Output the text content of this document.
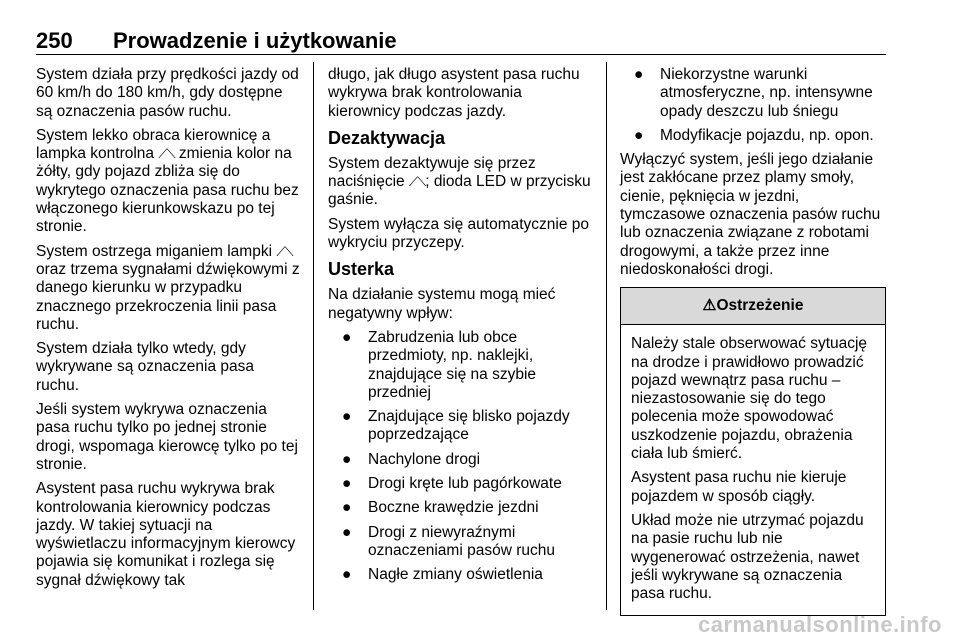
250 Prowadzenie i użytkowanie

System działa przy prędkości jazdy od 60 km/h do 180 km/h, gdy dostępne są oznaczenia pasów ruchu.

System lekko obraca kierownicę a lampka kontrolna ⟋⟍ zmienia kolor na żółty, gdy pojazd zbliża się do wykrytego oznaczenia pasa ruchu bez włączonego kierunkowskazu po tej stronie.

System ostrzega miganiem lampki ⟋⟍ oraz trzema sygnałami dźwiękowymi z danego kierunku w przypadku znacznego przekroczenia linii pasa ruchu.

System działa tylko wtedy, gdy wykrywane są oznaczenia pasa ruchu.

Jeśli system wykrywa oznaczenia pasa ruchu tylko po jednej stronie drogi, wspomaga kierowcę tylko po tej stronie.

Asystent pasa ruchu wykrywa brak kontrolowania kierownicy podczas jazdy. W takiej sytuacji na wyświetlaczu informacyjnym kierowcy pojawia się komunikat i rozlega się sygnał dźwiękowy tak

długo, jak długo asystent pasa ruchu wykrywa brak kontrolowania kierownicy podczas jazdy.

Dezaktywacja

System dezaktywuje się przez naciśnięcie ⟋⟍; dioda LED w przycisku gaśnie.

System wyłącza się automatycznie po wykryciu przyczepy.

Usterka

Na działanie systemu mogą mieć negatywny wpływ:

● Zabrudzenia lub obce przedmioty, np. naklejki, znajdujące się na szybie przedniej
● Znajdujące się blisko pojazdy poprzedzające
● Nachylone drogi
● Drogi kręte lub pagórkowate
● Boczne krawędzie jezdni
● Drogi z niewyraźnymi oznaczeniami pasów ruchu
● Nagłe zmiany oświetlenia
● Niekorzystne warunki atmosferyczne, np. intensywne opady deszczu lub śniegu
● Modyfikacje pojazdu, np. opon.

Wyłączyć system, jeśli jego działanie jest zakłócane przez plamy smoły, cienie, pęknięcia w jezdni, tymczasowe oznaczenia pasów ruchu lub oznaczenia związane z robotami drogowymi, a także przez inne niedoskonałości drogi.

⚠Ostrzeżenie

Należy stale obserwować sytuację na drodze i prawidłowo prowadzić pojazd wewnątrz pasa ruchu – niezastosowanie się do tego polecenia może spowodować uszkodzenie pojazdu, obrażenia ciała lub śmierć.

Asystent pasa ruchu nie kieruje pojazdem w sposób ciągły.

Układ może nie utrzymać pojazdu na pasie ruchu lub nie wygenerować ostrzeżenia, nawet jeśli wykrywane są oznaczenia pasa ruchu.

carmanualsonline.info
